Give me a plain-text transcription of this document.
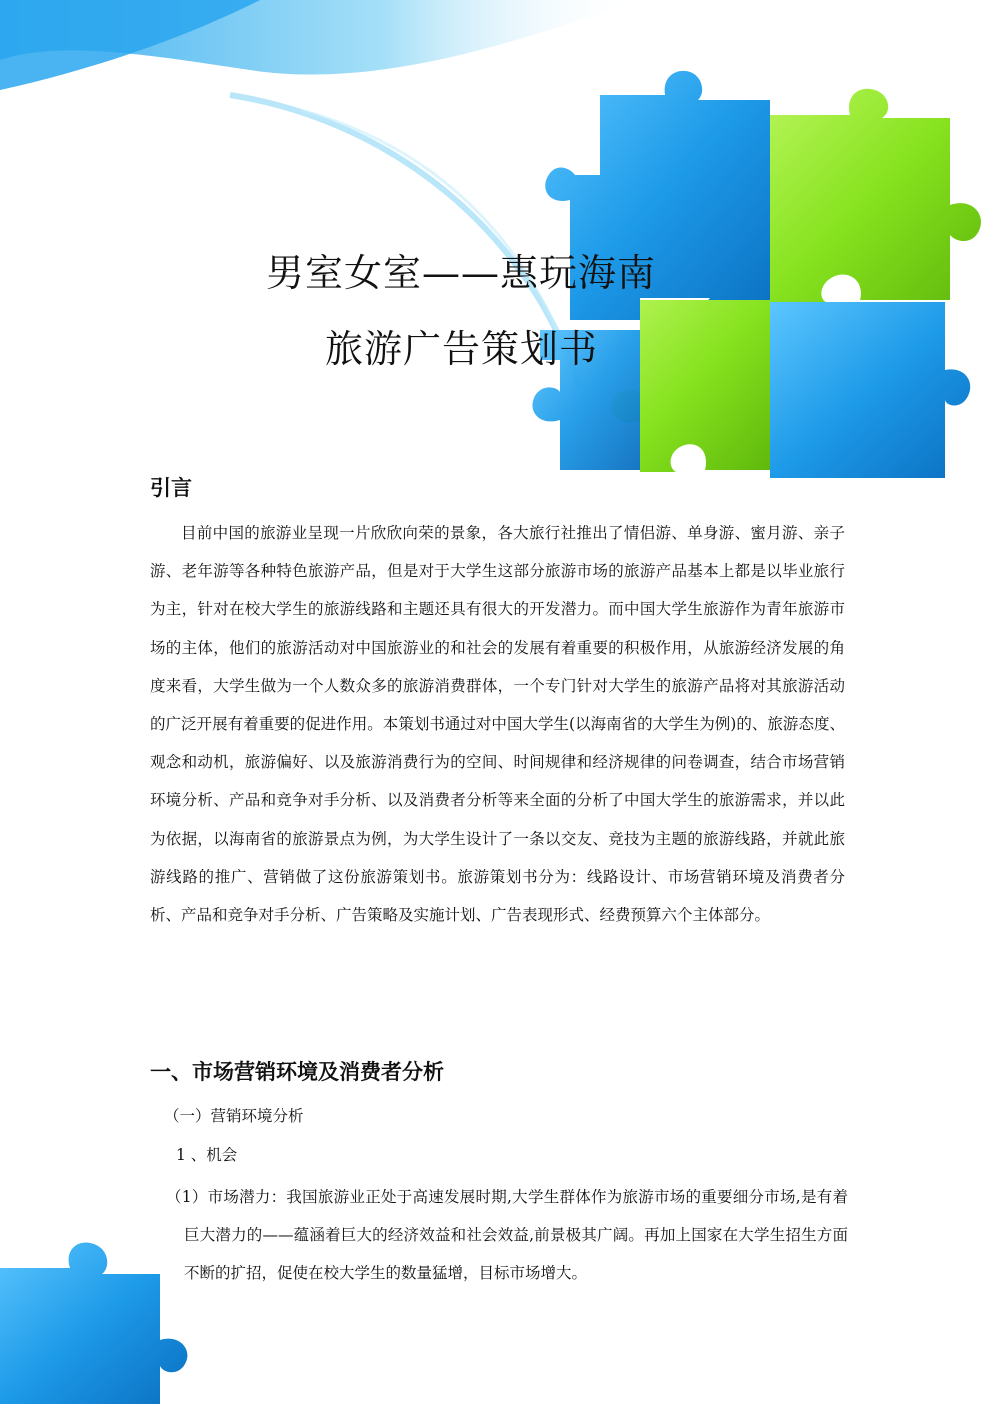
男室女室——惠玩海南
旅游广告策划书
引言

目前中国的旅游业呈现一片欣欣向荣的景象，各大旅行社推出了情侣游、单身游、蜜月游、亲子游、老年游等各种特色旅游产品，但是对于大学生这部分旅游市场的旅游产品基本上都是以毕业旅行为主，针对在校大学生的旅游线路和主题还具有很大的开发潜力。而中国大学生旅游作为青年旅游市场的主体，他们的旅游活动对中国旅游业的和社会的发展有着重要的积极作用，从旅游经济发展的角度来看，大学生做为一个人数众多的旅游消费群体，一个专门针对大学生的旅游产品将对其旅游活动的广泛开展有着重要的促进作用。本策划书通过对中国大学生(以海南省的大学生为例)的、旅游态度、观念和动机，旅游偏好、以及旅游消费行为的空间、时间规律和经济规律的问卷调查，结合市场营销环境分析、产品和竞争对手分析、以及消费者分析等来全面的分析了中国大学生的旅游需求，并以此为依据，以海南省的旅游景点为例，为大学生设计了一条以交友、竞技为主题的旅游线路，并就此旅游线路的推广、营销做了这份旅游策划书。旅游策划书分为：线路设计、市场营销环境及消费者分析、产品和竞争对手分析、广告策略及实施计划、广告表现形式、经费预算六个主体部分。

一、市场营销环境及消费者分析
（一）营销环境分析
1 、机会

（1）市场潜力：我国旅游业正处于高速发展时期,大学生群体作为旅游市场的重要细分市场,是有着巨大潜力的——蕴涵着巨大的经济效益和社会效益,前景极其广阔。再加上国家在大学生招生方面不断的扩招，促使在校大学生的数量猛增，目标市场增大。
